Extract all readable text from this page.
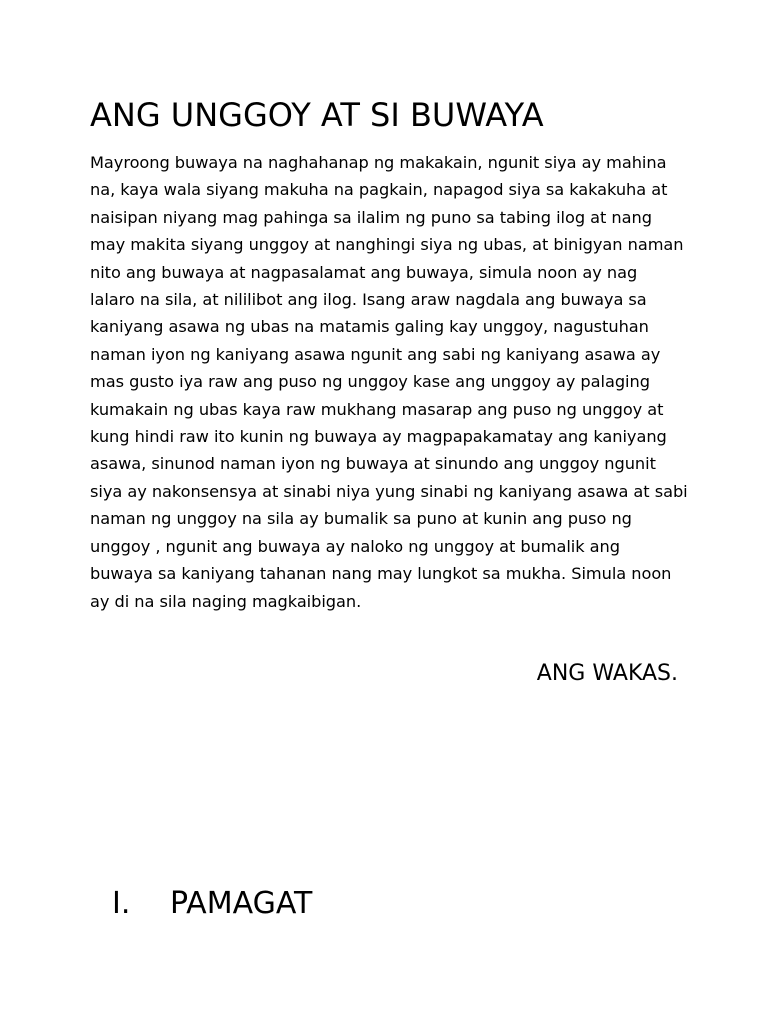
ANG UNGGOY AT SI BUWAYA

Mayroong buwaya na naghahanap ng makakain, ngunit siya ay mahina
na, kaya wala siyang makuha na pagkain, napagod siya sa kakakuha at
naisipan niyang mag pahinga sa ilalim ng puno sa tabing ilog at nang
may makita siyang unggoy at nanghingi siya ng ubas, at binigyan naman
nito ang buwaya at nagpasalamat ang buwaya, simula noon ay nag
lalaro na sila, at nililibot ang ilog. Isang araw nagdala ang buwaya sa
kaniyang asawa ng ubas na matamis galing kay unggoy, nagustuhan
naman iyon ng kaniyang asawa ngunit ang sabi ng kaniyang asawa ay
mas gusto iya raw ang puso ng unggoy kase ang unggoy ay palaging
kumakain ng ubas kaya raw mukhang masarap ang puso ng unggoy at
kung hindi raw ito kunin ng buwaya ay magpapakamatay ang kaniyang
asawa, sinunod naman iyon ng buwaya at sinundo ang unggoy ngunit
siya ay nakonsensya at sinabi niya yung sinabi ng kaniyang asawa at sabi
naman ng unggoy na sila ay bumalik sa puno at kunin ang puso ng
unggoy , ngunit ang buwaya ay naloko ng unggoy at bumalik ang
buwaya sa kaniyang tahanan nang may lungkot sa mukha. Simula noon
ay di na sila naging magkaibigan.

ANG WAKAS.

I. PAMAGAT
